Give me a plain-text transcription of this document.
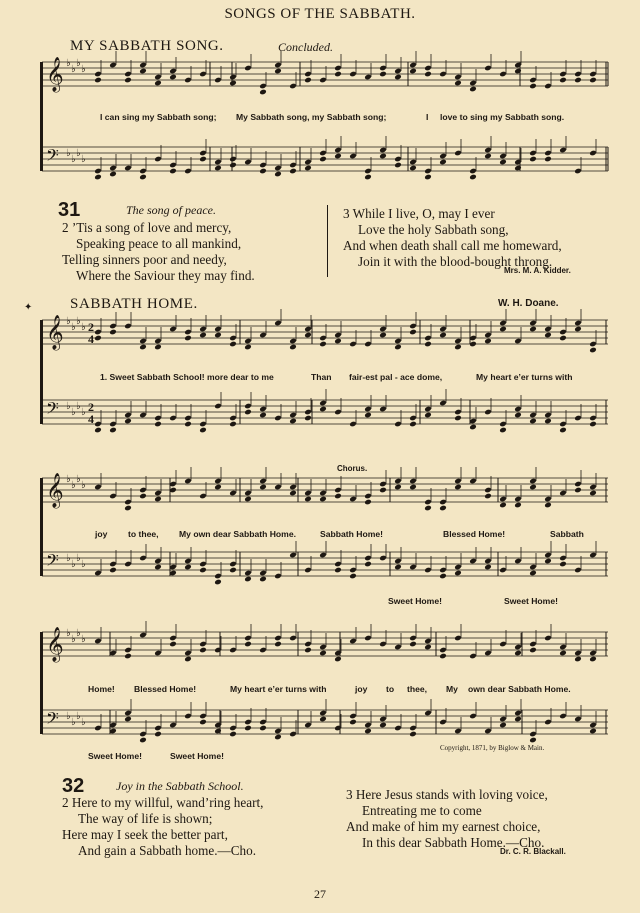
SONGS OF THE SABBATH.
MY SABBATH SONG.	Concluded.
𝄞
𝄢
♭
♭
♭
♭
♭
♭
♭
♭
𝄞
𝄢
♭
♭
♭
♭
♭
♭
♭
♭
2
4
2
4
𝄞
𝄢
♭
♭
♭
♭
♭
♭
♭
♭
𝄞
𝄢
♭
♭
♭
♭
♭
♭
♭
♭
I can sing my Sabbath song; My Sabbath song, my Sabbath song;	I love to sing my Sabbath song.
31	The song of peace.
2 ’Tis a song of love and mercy,
Speaking peace to all mankind,
Telling sinners poor and needy,
Where the Saviour they may find.
3 While I live, O, may I ever
Love the holy Sabbath song,
And when death shall call me homeward,
Join it with the blood-bought throng.
Mrs. M. A. Kidder.
✦	SABBATH HOME.	W. H. Doane.
1. Sweet Sabbath School! more dear to me	Than fair-est pal - ace dome,	My heart e’er turns with
Chorus.
joy to thee, My own dear Sabbath Home.	Sabbath Home!	Blessed Home!	Sabbath
Sweet Home!	Sweet Home!
Home! Blessed Home!	My heart e’er turns with	joy to thee, My own dear Sabbath Home.
Sweet Home!	Sweet Home!
Copyright, 1871, by Biglow & Main.
32	Joy in the Sabbath School.
2 Here to my willful, wand’ring heart,
The way of life is shown;
Here may I seek the better part,
And gain a Sabbath home.—Cho.
3 Here Jesus stands with loving voice,
Entreating me to come
And make of him my earnest choice,
In this dear Sabbath Home.—Cho.
Dr. C. R. Blackall.
27
